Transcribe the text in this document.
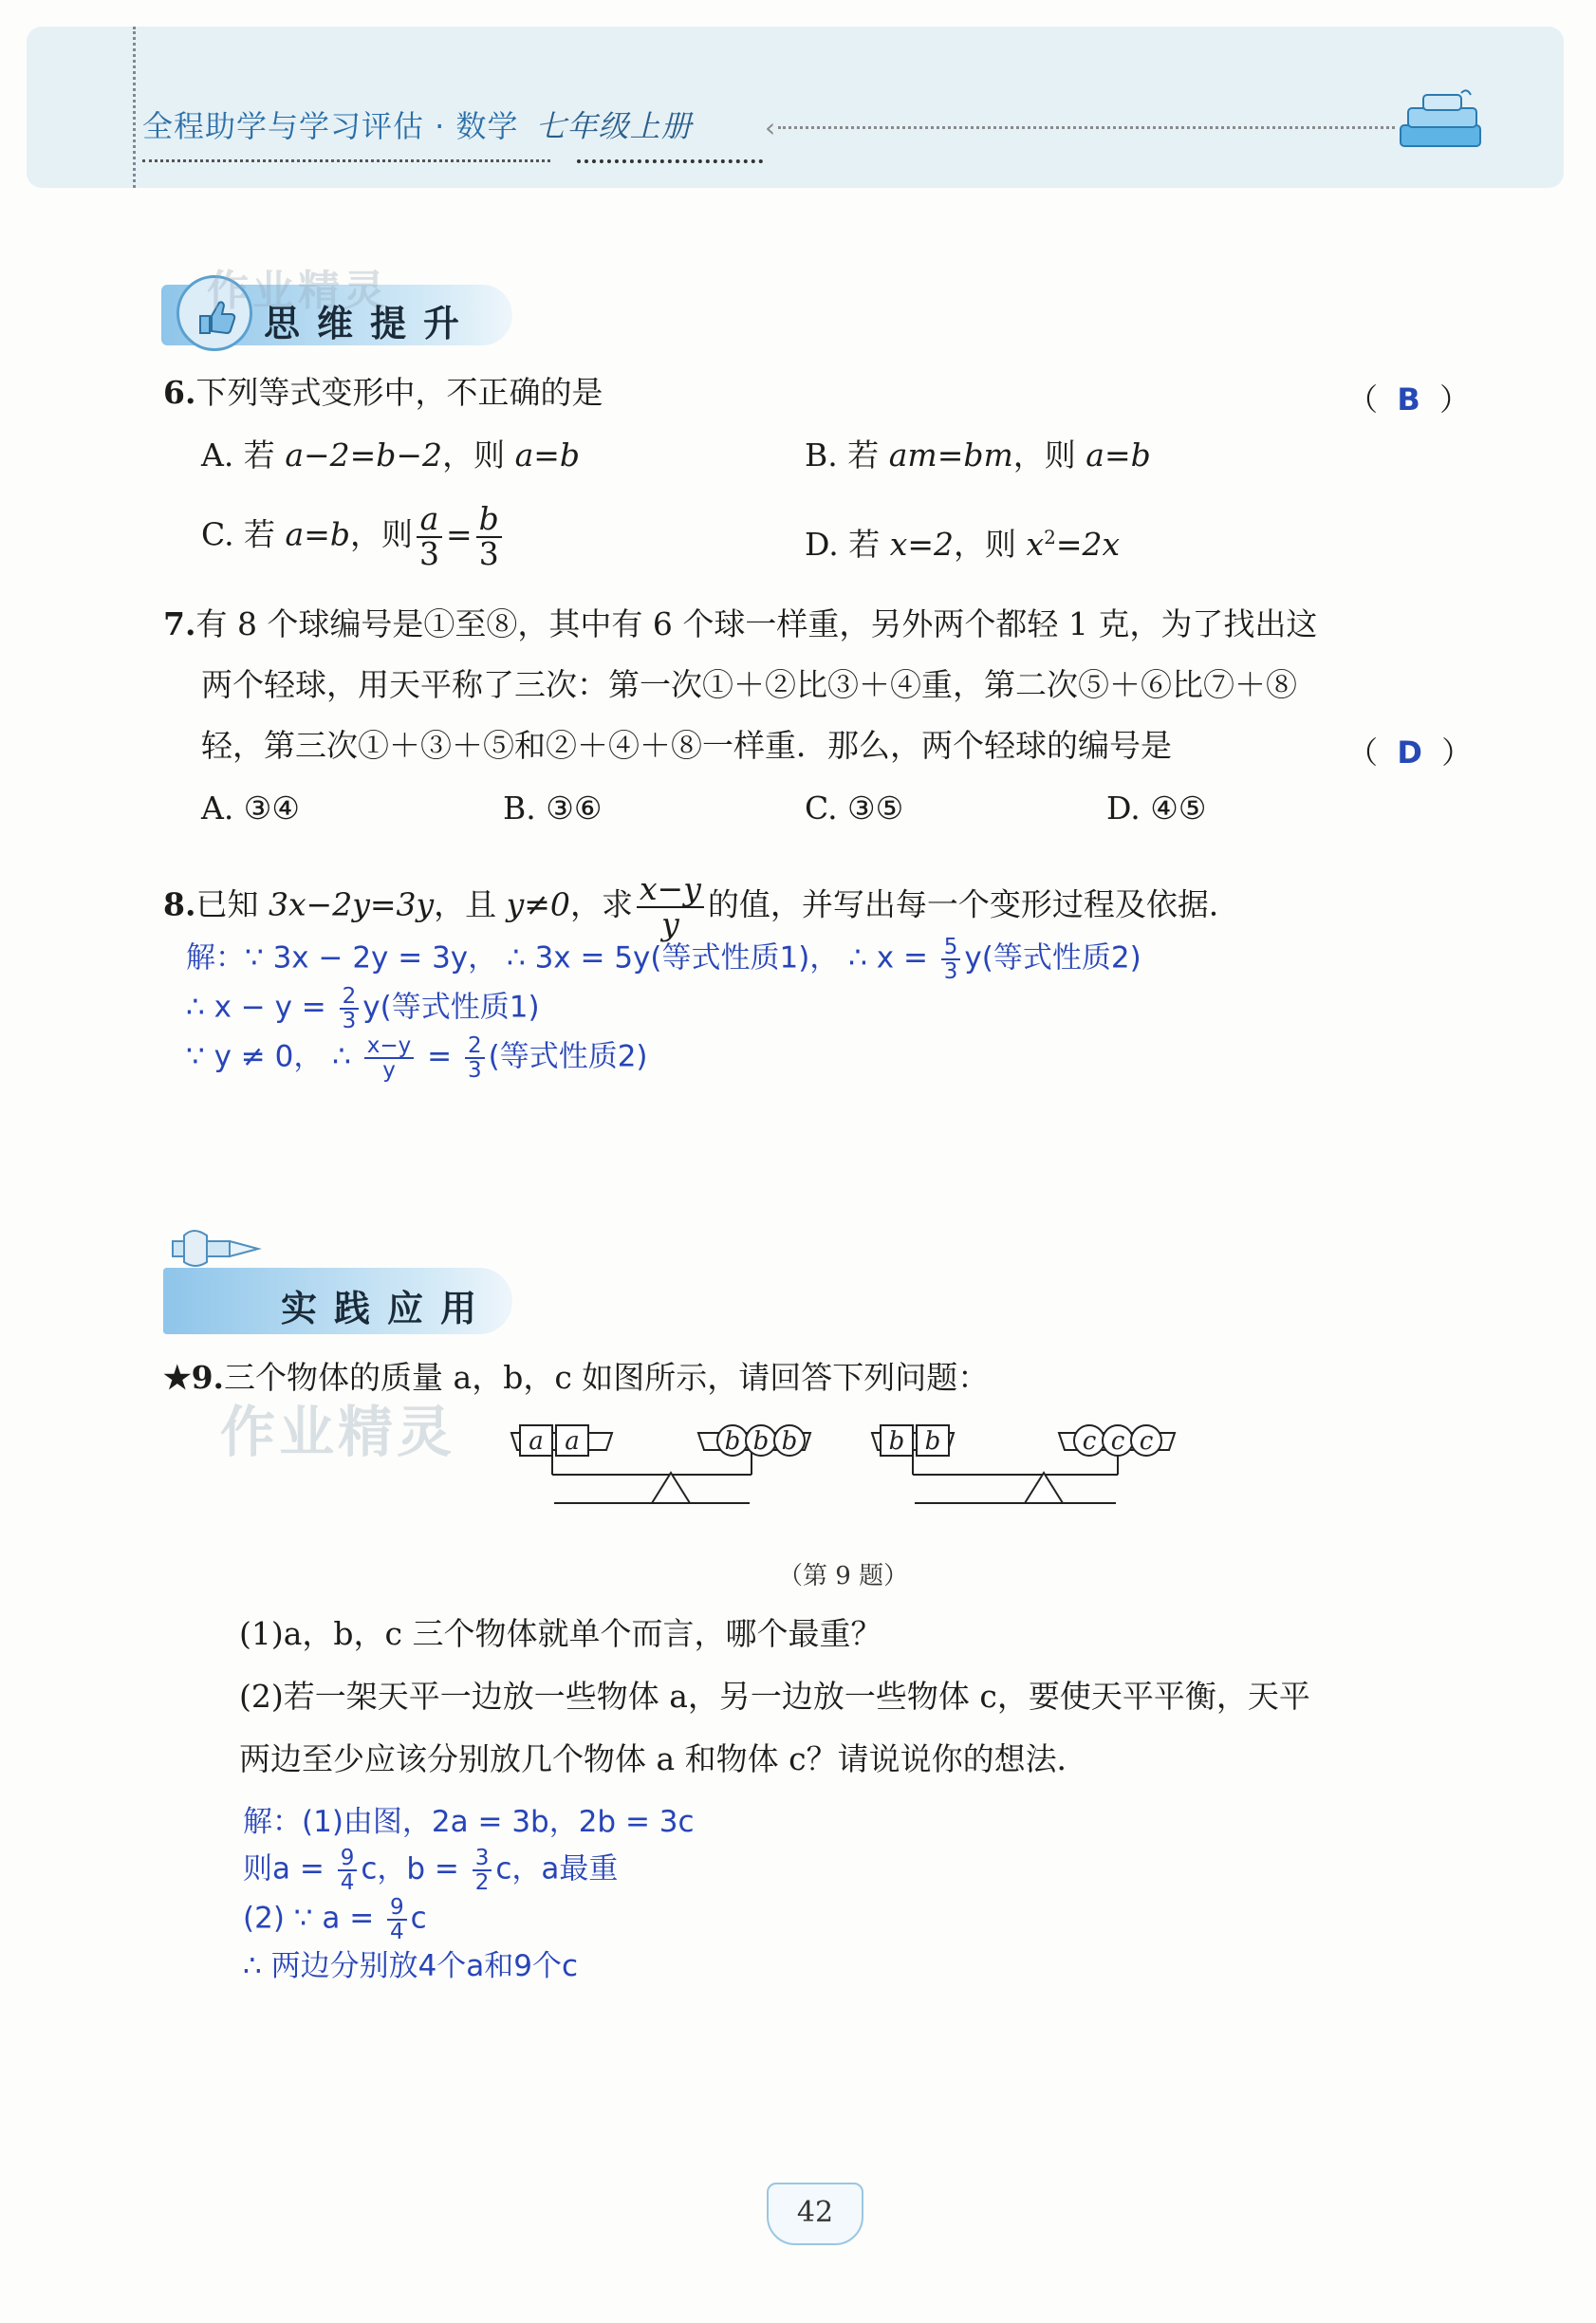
全程助学与学习评估 · 数学 七年级上册	‹
作业精灵
思维提升
6.下列等式变形中，不正确的是	（  B  ）
A. 若 a−2=b−2，则 a=b	B. 若 am=bm，则 a=b
C. 若 a=b，则 $\frac{a}{3} = \frac{b}{3}$	D. 若 x=2，则 $x^2=2x$
7.有 8 个球编号是①至⑧，其中有 6 个球一样重，另外两个都轻 1 克，为了找出这
两个轻球，用天平称了三次：第一次①＋②比③＋④重，第二次⑤＋⑥比⑦＋⑧
轻，第三次①＋③＋⑤和②＋④＋⑧一样重．那么，两个轻球的编号是	（  D  ）
A. ③④	B. ③⑥	C. ③⑤	D. ④⑤
8.已知 3x−2y=3y，且 y≠0，求 $\frac{x-y}{y}$ 的值，并写出每一个变形过程及依据．
解：∵ 3x − 2y = 3y， ∴ 3x = 5y(等式性质1)， ∴ $x = \frac{5}{3} y$(等式性质2)
∴ $x - y = \frac{2}{3} y$(等式性质1)
∵ y ≠ 0， ∴ $\frac{x-y}{y} = \frac{2}{3}$ (等式性质2)
实践应用
★9.三个物体的质量 a，b，c 如图所示，请回答下列问题：
作业精灵	a a	b b b	b b	c c c
（第 9 题）
(1)a，b，c 三个物体就单个而言，哪个最重？
(2)若一架天平一边放一些物体 a，另一边放一些物体 c，要使天平平衡，天平
两边至少应该分别放几个物体 a 和物体 c？请说说你的想法．
解：(1)由图，2a = 3b，2b = 3c
则$a = \frac{9}{4}$ c，$b = \frac{3}{2}$ c，a最重
(2) ∵ $a = \frac{9}{4}$ c
∴ 两边分别放4个a和9个c
42
